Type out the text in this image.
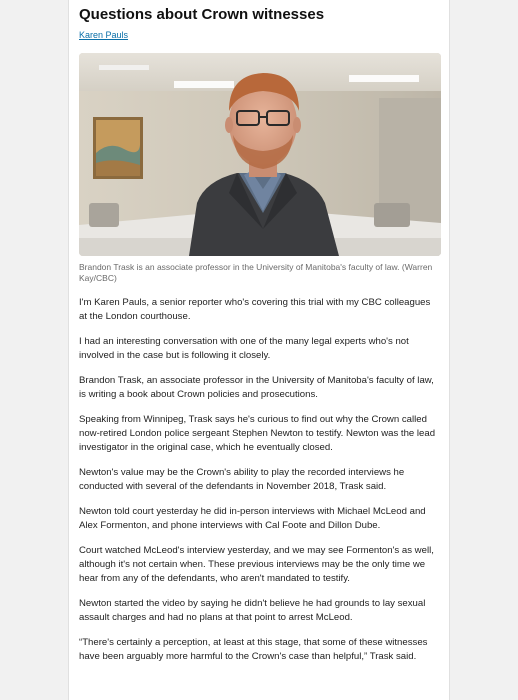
Questions about Crown witnesses
Karen Pauls
Brandon Trask is an associate professor in the University of Manitoba's faculty of law. (Warren Kay/CBC)

I'm Karen Pauls, a senior reporter who's covering this trial with my CBC colleagues at the London courthouse.

I had an interesting conversation with one of the many legal experts who's not involved in the case but is following it closely.

Brandon Trask, an associate professor in the University of Manitoba's faculty of law, is writing a book about Crown policies and prosecutions.

Speaking from Winnipeg, Trask says he's curious to find out why the Crown called now-retired London police sergeant Stephen Newton to testify. Newton was the lead investigator in the original case, which he eventually closed.

Newton's value may be the Crown's ability to play the recorded interviews he conducted with several of the defendants in November 2018, Trask said.

Newton told court yesterday he did in-person interviews with Michael McLeod and Alex Formenton, and phone interviews with Cal Foote and Dillon Dube.

Court watched McLeod's interview yesterday, and we may see Formenton's as well, although it's not certain when. These previous interviews may be the only time we hear from any of the defendants, who aren't mandated to testify.

Newton started the video by saying he didn't believe he had grounds to lay sexual assault charges and had no plans at that point to arrest McLeod.

“There's certainly a perception, at least at this stage, that some of these witnesses have been arguably more harmful to the Crown's case than helpful,” Trask said.
